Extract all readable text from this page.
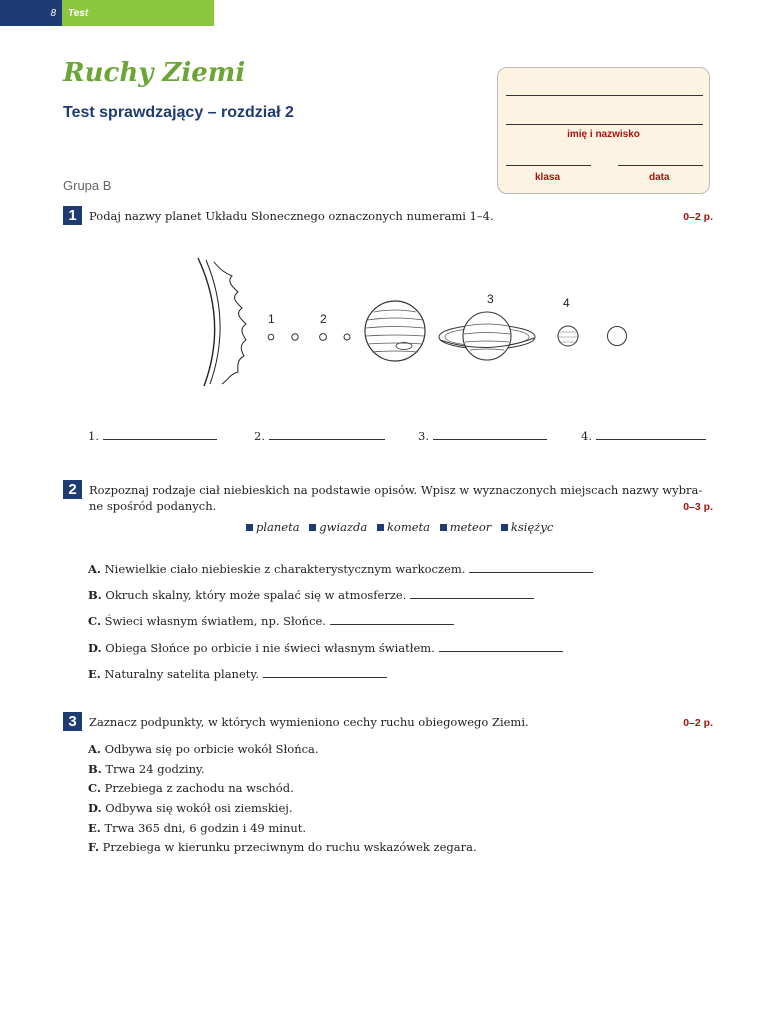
8	Test
Ruchy Ziemi
Test sprawdzający – rozdział 2
Grupa B
imię i nazwisko
klasa	data
1	Podaj nazwy planet Układu Słonecznego oznaczonych numerami 1–4.	0–2 p.
1	2
3	4
1.	2.	3.	4.
2	Rozpoznaj rodzaje ciał niebieskich na podstawie opisów. Wpisz w wyznaczonych miejscach nazwy wybra-
ne spośród podanych.	0–3 p.
planeta gwiazda kometa meteor księżyc
A. Niewielkie ciało niebieskie z charakterystycznym warkoczem.
B. Okruch skalny, który może spalać się w atmosferze.
C. Świeci własnym światłem, np. Słońce.
D. Obiega Słońce po orbicie i nie świeci własnym światłem.
E. Naturalny satelita planety.
3	Zaznacz podpunkty, w których wymieniono cechy ruchu obiegowego Ziemi.	0–2 p.
A. Odbywa się po orbicie wokół Słońca.
B. Trwa 24 godziny.
C. Przebiega z zachodu na wschód.
D. Odbywa się wokół osi ziemskiej.
E. Trwa 365 dni, 6 godzin i 49 minut.
F. Przebiega w kierunku przeciwnym do ruchu wskazówek zegara.
